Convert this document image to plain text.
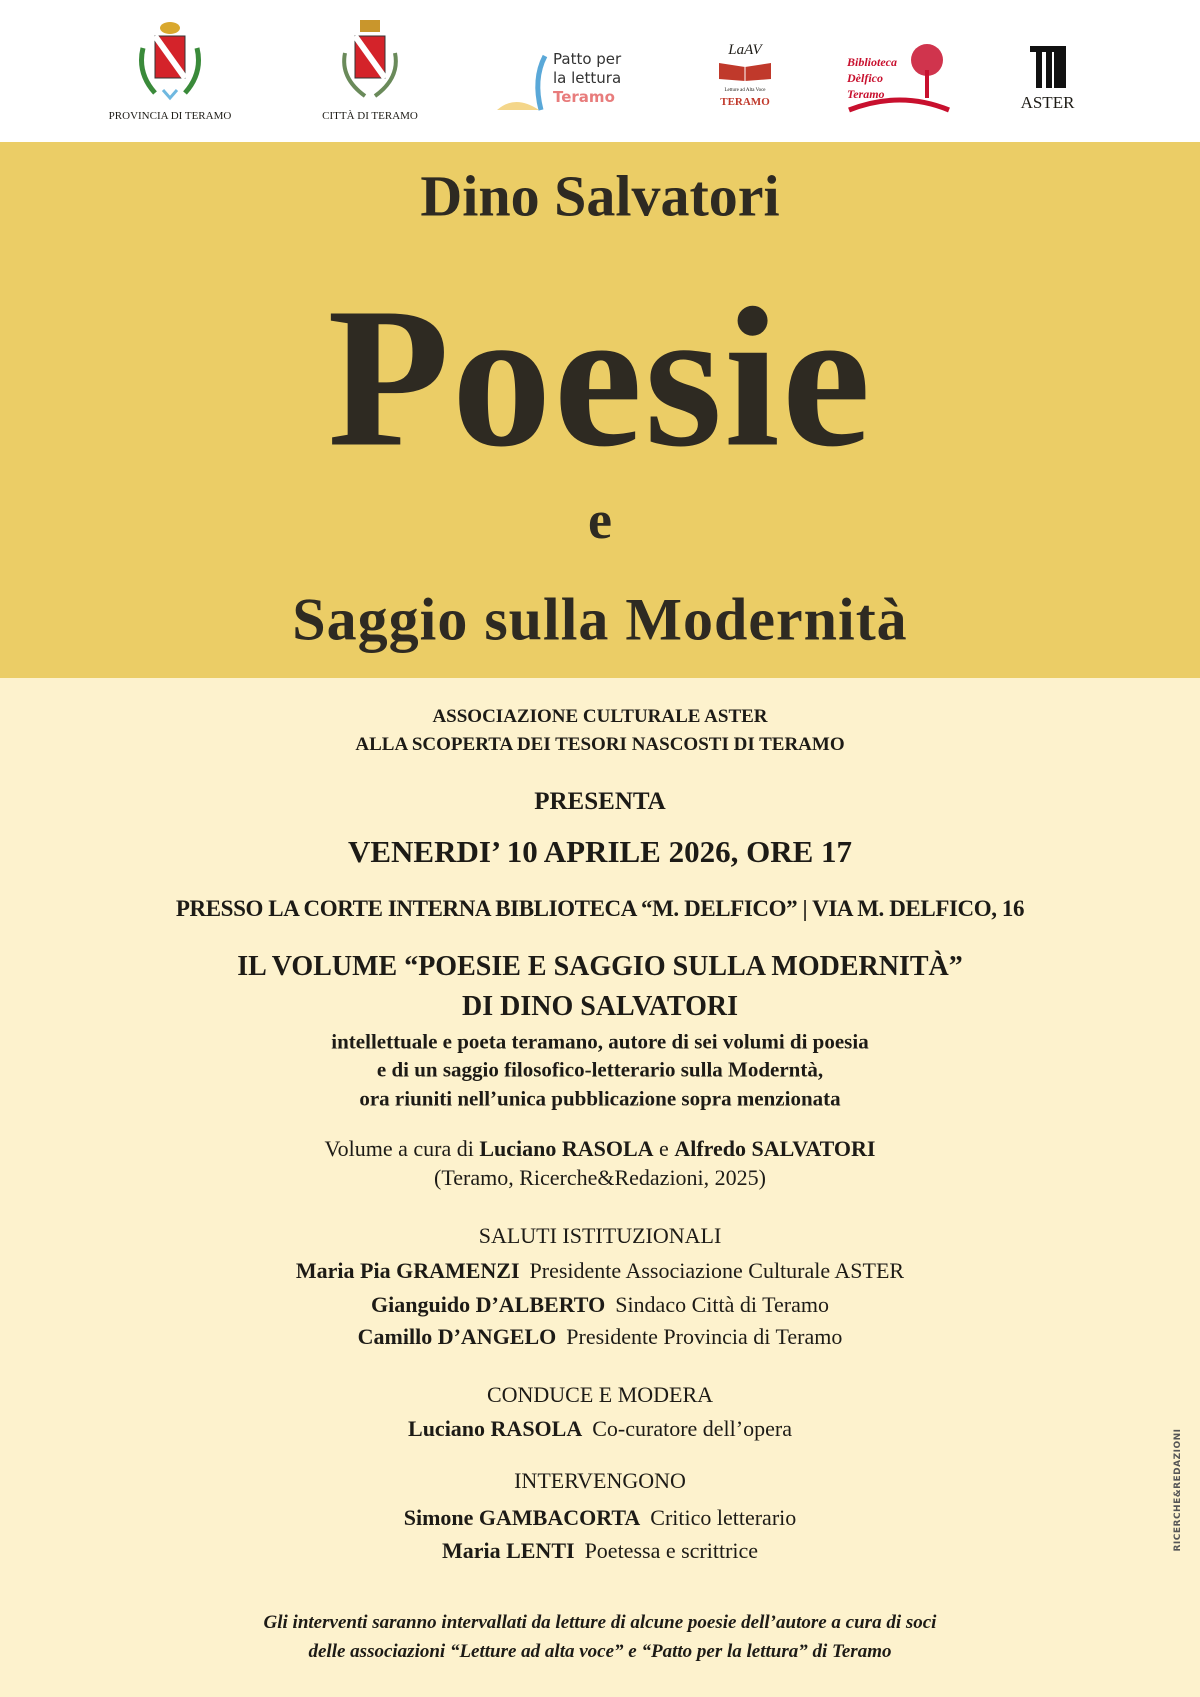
PROVINCIA DI TERAMO	CITTÀ DI TERAMO
Patto per
la lettura
Teramo
LaAV
Letture ad Alta Voce
TERAMO
Biblioteca
Dèlfico
Teramo	ASTER
Dino Salvatori
Poesie
e
Saggio sulla Modernità
ASSOCIAZIONE CULTURALE ASTER
ALLA SCOPERTA DEI TESORI NASCOSTI DI TERAMO
PRESENTA
VENERDI’ 10 APRILE 2026, ORE 17
PRESSO LA CORTE INTERNA BIBLIOTECA “M. DELFICO” | VIA M. DELFICO, 16
IL VOLUME “POESIE E SAGGIO SULLA MODERNITÀ”
DI DINO SALVATORI
intellettuale e poeta teramano, autore di sei volumi di poesia
e di un saggio filosofico-letterario sulla Moderntà,
ora riuniti nell’unica pubblicazione sopra menzionata
Volume a cura di Luciano RASOLA e Alfredo SALVATORI
(Teramo, Ricerche&Redazioni, 2025)
SALUTI ISTITUZIONALI
Maria Pia GRAMENZI Presidente Associazione Culturale ASTER
Gianguido D’ALBERTO Sindaco Città di Teramo
Camillo D’ANGELO Presidente Provincia di Teramo
CONDUCE E MODERA
Luciano RASOLA Co-curatore dell’opera
INTERVENGONO
Simone GAMBACORTA Critico letterario
Maria LENTI Poetessa e scrittrice
Gli interventi saranno intervallati da letture di alcune poesie dell’autore a cura di soci
delle associazioni “Letture ad alta voce” e “Patto per la lettura” di Teramo
RICERCHE&REDAZIONI
